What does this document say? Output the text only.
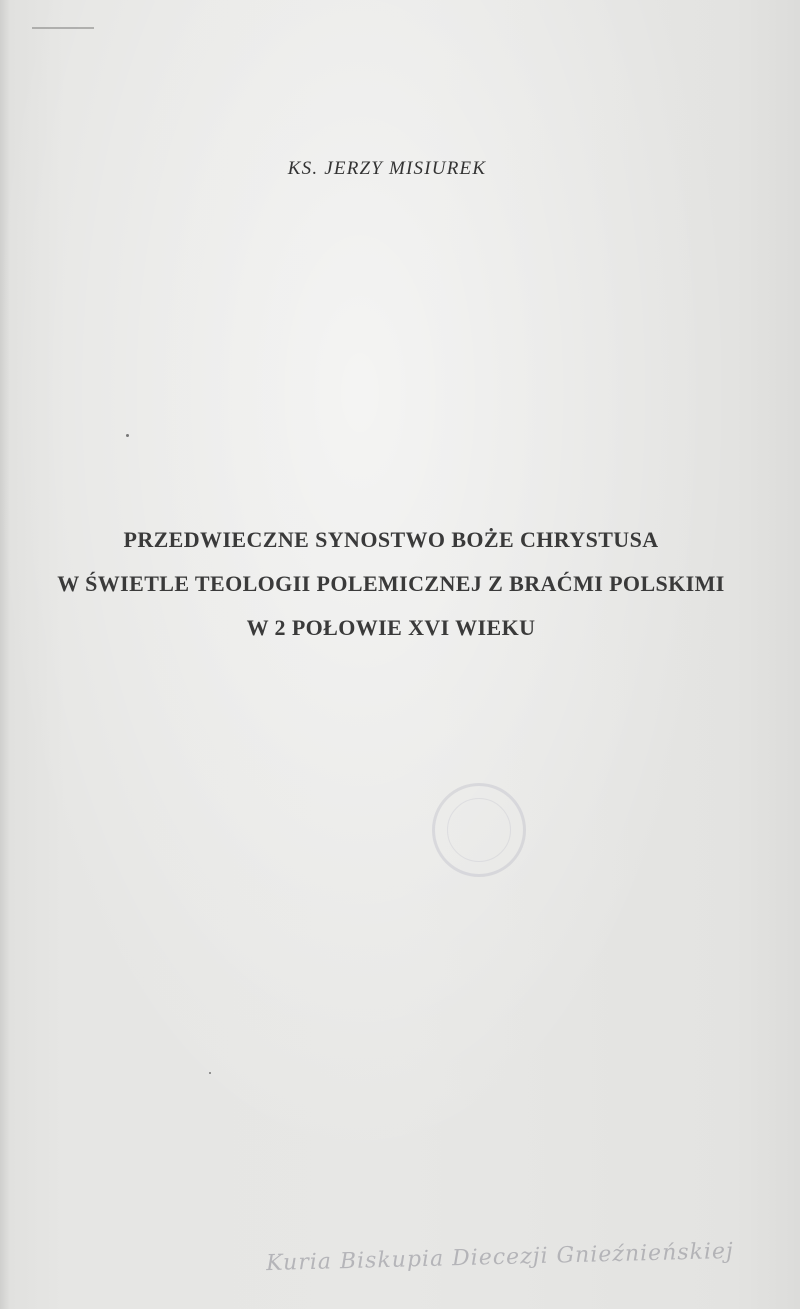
KS. JERZY MISIUREK
PRZEDWIECZNE SYNOSTWO BOŻE CHRYSTUSA
W ŚWIETLE TEOLOGII POLEMICZNEJ Z BRAĆMI POLSKIMI
W 2 POŁOWIE XVI WIEKU
Kuria Biskupia Diecezji Gnieźnieńskiej
